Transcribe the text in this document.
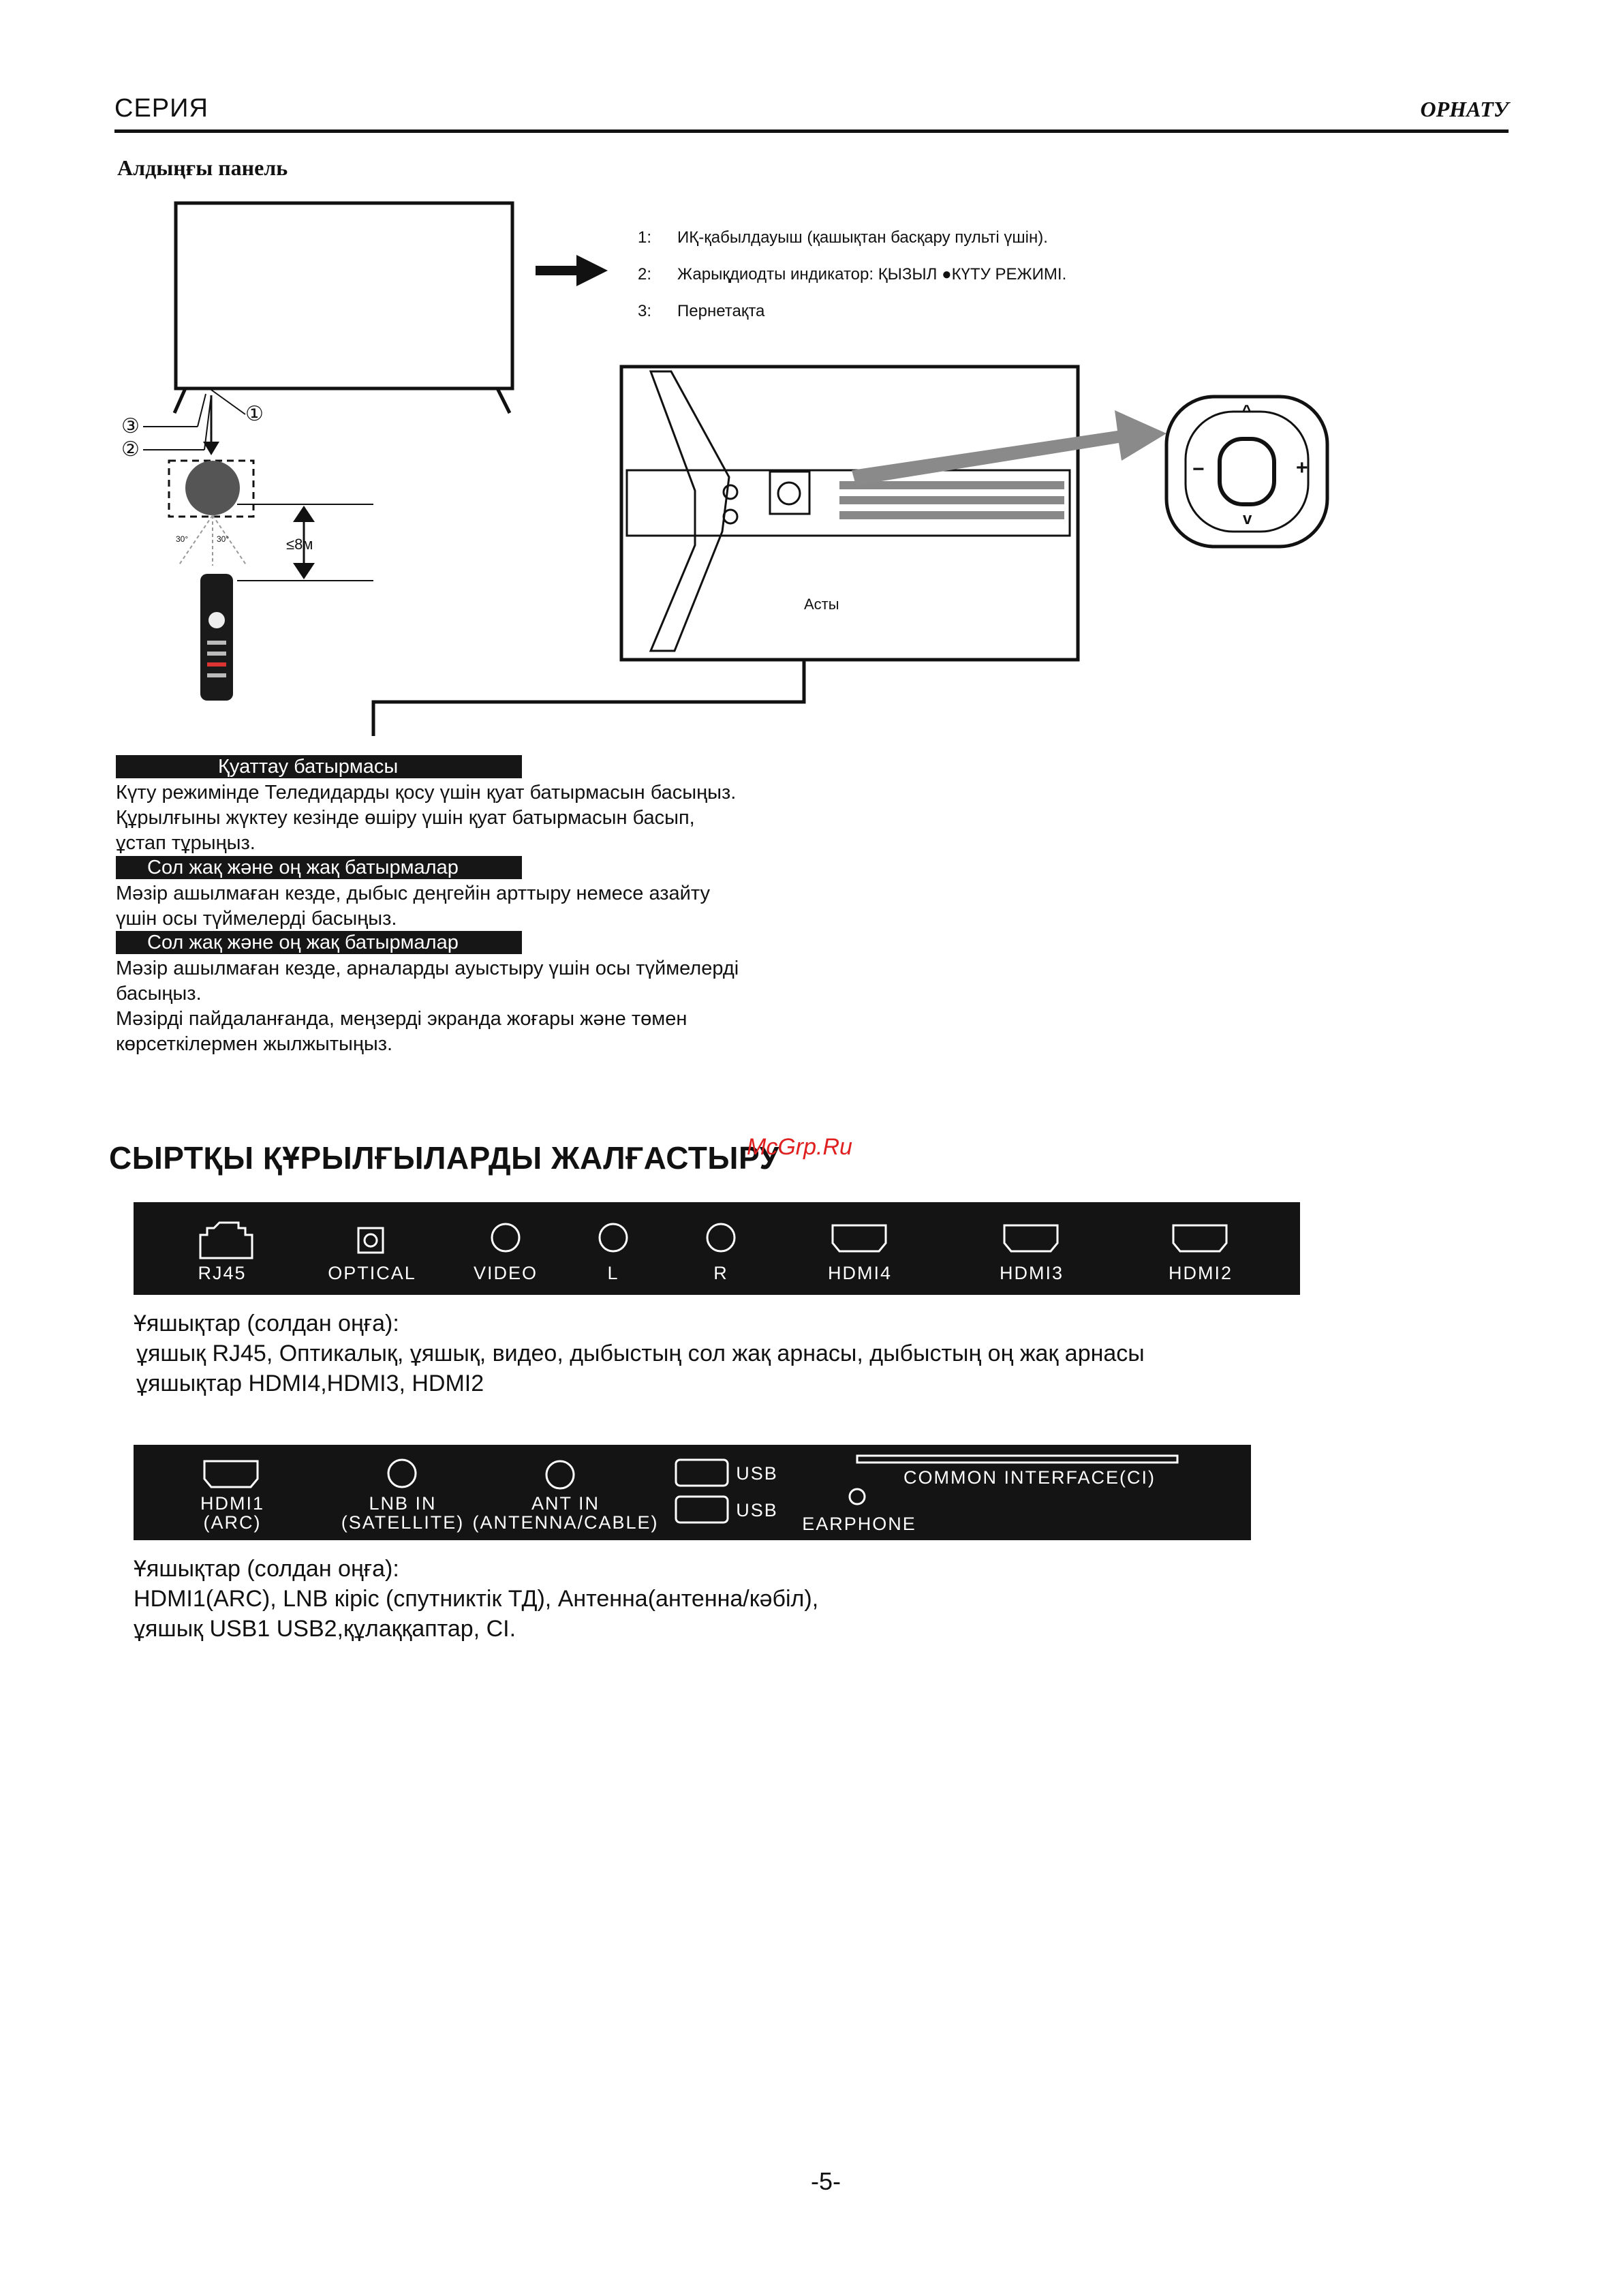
СЕРИЯ	ОРНАТУ
Алдыңғы панель
③
②
①
≤8м
30°	30°
^
v
−	+
1: ИҚ-қабылдауыш (қашықтан басқару пульті үшін).
2: Жарықдиодты индикатор: ҚЫЗЫЛ ●КҮТУ РЕЖИМІ.
3: Пернетақта
Асты
Қуаттау батырмасы
Күту режимінде Теледидарды қосу үшін қуат батырмасын басыңыз.
Құрылғыны жүктеу кезінде өшіру үшін қуат батырмасын басып,
ұстап тұрыңыз.
Сол жақ және оң жақ батырмалар
Мәзір ашылмаған кезде, дыбыс деңгейін арттыру немесе азайту
үшін осы түймелерді басыңыз.
Сол жақ және оң жақ батырмалар
Мәзір ашылмаған кезде, арналарды ауыстыру үшін осы түймелерді
басыңыз.
Мәзірді пайдаланғанда, меңзерді экранда жоғары және төмен
көрсеткілермен жылжытыңыз.
СЫРТҚЫ ҚҰРЫЛҒЫЛАРДЫ ЖАЛҒАСТЫРУ
McGrp.Ru
RJ45	OPTICAL	VIDEO	L	R	HDMI4	HDMI3	HDMI2
Ұяшықтар (солдан оңға):
ұяшық RJ45, Оптикалық, ұяшық, видео, дыбыстың сол жақ арнасы, дыбыстың оң жақ арнасы
ұяшықтар HDMI4,HDMI3, HDMI2
HDMI1
(ARC)
LNB IN
(SATELLITE)
ANT IN
(ANTENNA/CABLE)
USB
USB
EARPHONE
COMMON INTERFACE(CI)
Ұяшықтар (солдан оңға):
HDMI1(ARC), LNB кіріс (спутниктік ТД), Антенна(антенна/кәбіл),
ұяшық USB1 USB2,құлаққаптар, CI.
-5-
